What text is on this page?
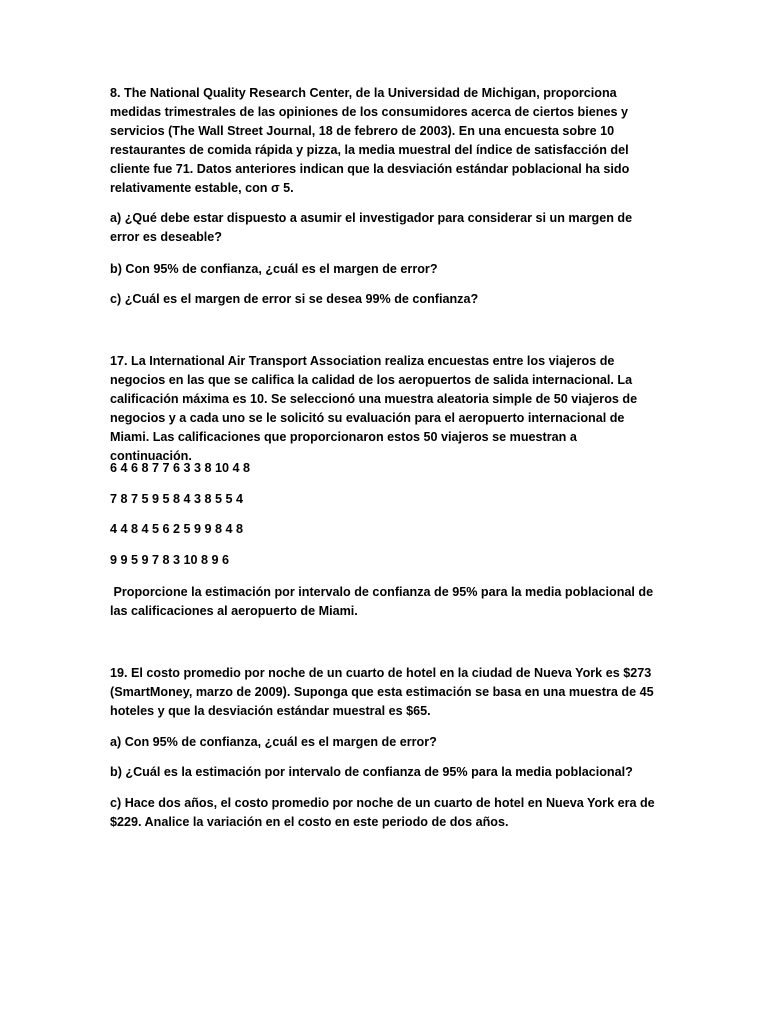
8. The National Quality Research Center, de la Universidad de Michigan, proporciona medidas trimestrales de las opiniones de los consumidores acerca de ciertos bienes y servicios (The Wall Street Journal, 18 de febrero de 2003). En una encuesta sobre 10 restaurantes de comida rápida y pizza, la media muestral del índice de satisfacción del cliente fue 71. Datos anteriores indican que la desviación estándar poblacional ha sido relativamente estable, con σ 5.

a) ¿Qué debe estar dispuesto a asumir el investigador para considerar si un margen de error es deseable?

b) Con 95% de confianza, ¿cuál es el margen de error?

c) ¿Cuál es el margen de error si se desea 99% de confianza?

17. La International Air Transport Association realiza encuestas entre los viajeros de negocios en las que se califica la calidad de los aeropuertos de salida internacional. La calificación máxima es 10. Se seleccionó una muestra aleatoria simple de 50 viajeros de negocios y a cada uno se le solicitó su evaluación para el aeropuerto internacional de Miami. Las calificaciones que proporcionaron estos 50 viajeros se muestran a continuación.

6 4 6 8 7 7 6 3 3 8 10 4 8

7 8 7 5 9 5 8 4 3 8 5 5 4

4 4 8 4 5 6 2 5 9 9 8 4 8

9 9 5 9 7 8 3 10 8 9 6

Proporcione la estimación por intervalo de confianza de 95% para la media poblacional de las calificaciones al aeropuerto de Miami.

19. El costo promedio por noche de un cuarto de hotel en la ciudad de Nueva York es $273 (SmartMoney, marzo de 2009). Suponga que esta estimación se basa en una muestra de 45 hoteles y que la desviación estándar muestral es $65.

a) Con 95% de confianza, ¿cuál es el margen de error?

b) ¿Cuál es la estimación por intervalo de confianza de 95% para la media poblacional?

c) Hace dos años, el costo promedio por noche de un cuarto de hotel en Nueva York era de $229. Analice la variación en el costo en este periodo de dos años.
